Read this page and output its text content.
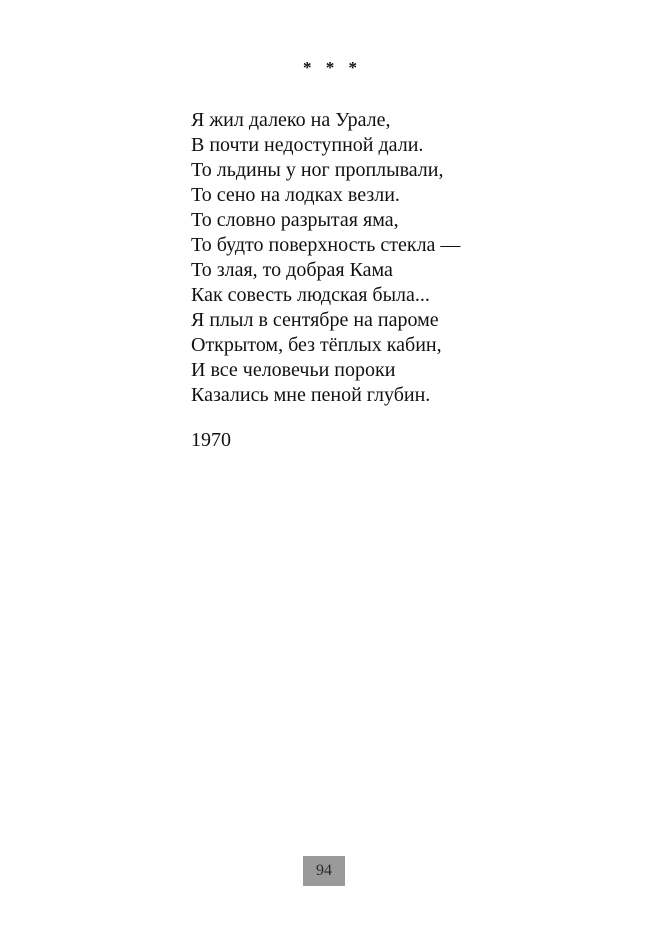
* * *
Я жил далеко на Урале,
В почти недоступной дали.
То льдины у ног проплывали,
То сено на лодках везли.
То словно разрытая яма,
То будто поверхность стекла —
То злая, то добрая Кама
Как совесть людская была...
Я плыл в сентябре на пароме
Открытом, без тёплых кабин,
И все человечьи пороки
Казались мне пеной глубин.
1970
94
